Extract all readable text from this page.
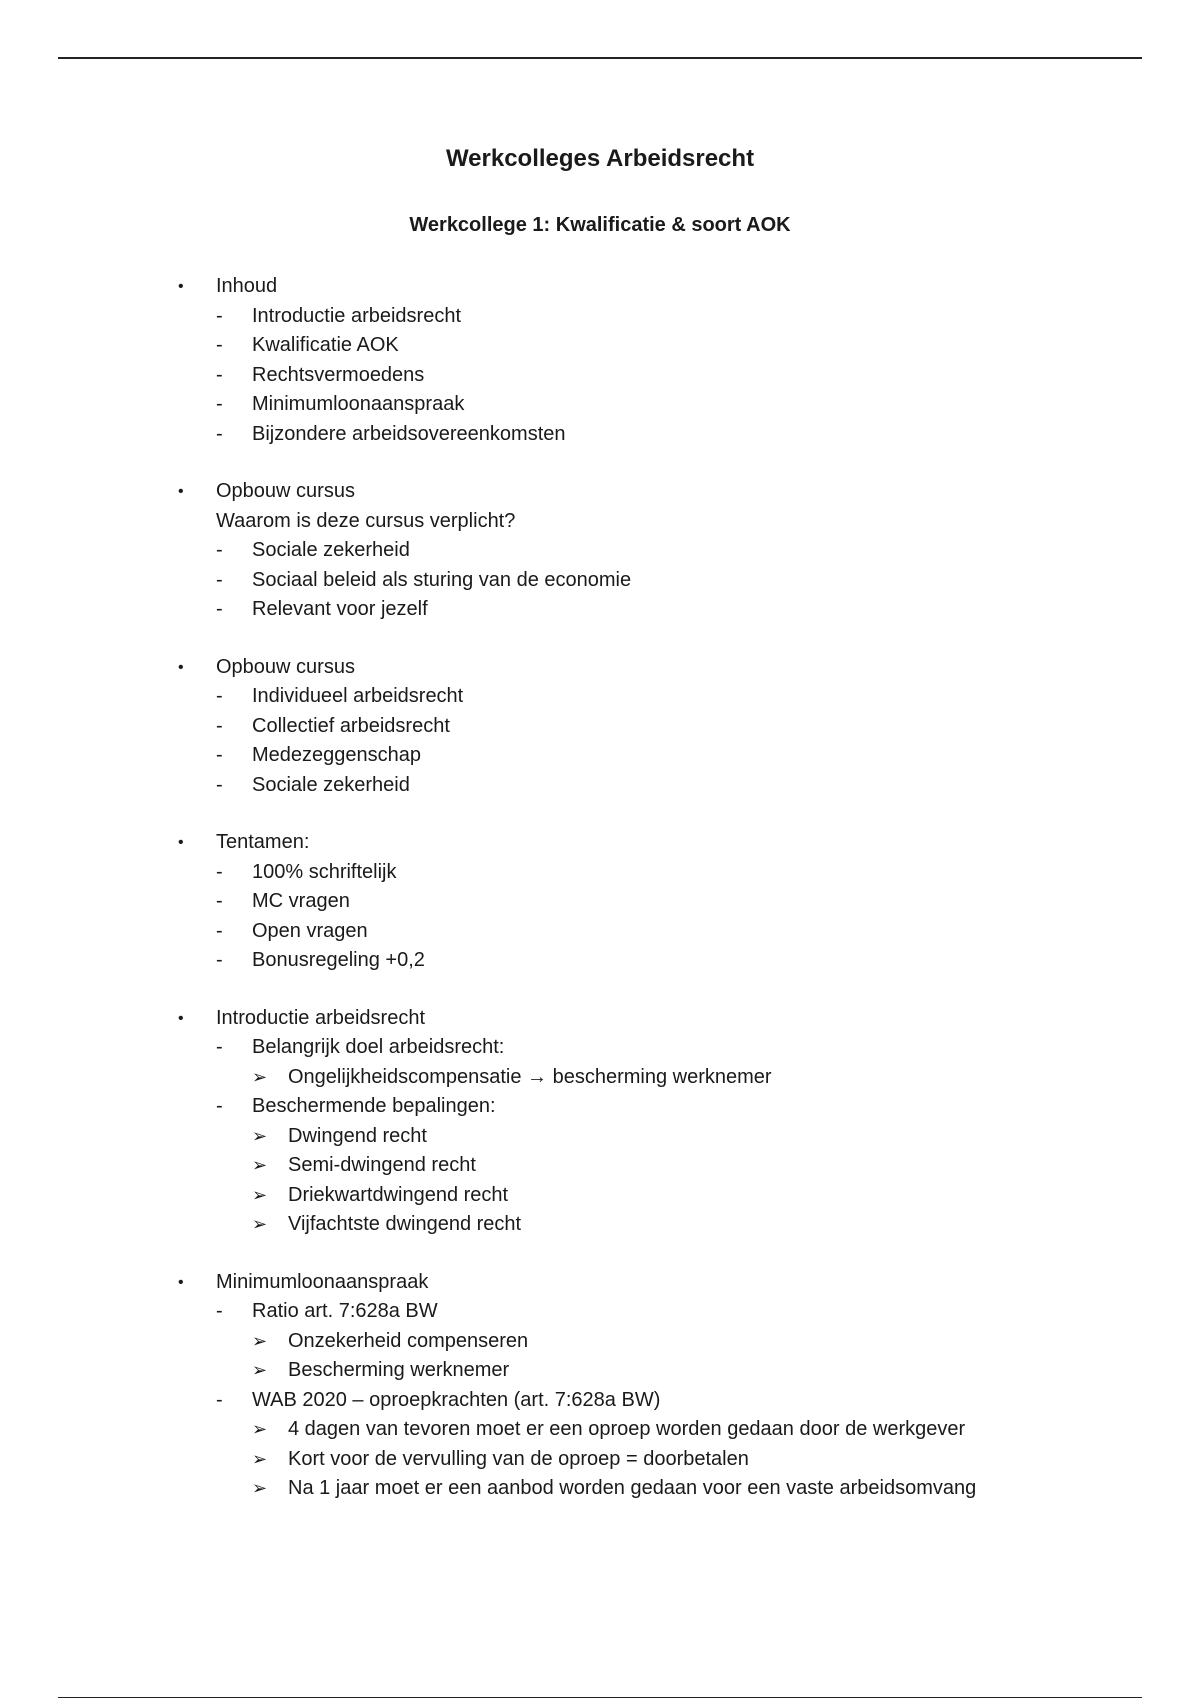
Werkcolleges Arbeidsrecht
Werkcollege 1: Kwalificatie & soort AOK
• Inhoud
- Introductie arbeidsrecht
- Kwalificatie AOK
- Rechtsvermoedens
- Minimumloonaanspraak
- Bijzondere arbeidsovereenkomsten
• Opbouw cursus
Waarom is deze cursus verplicht?
- Sociale zekerheid
- Sociaal beleid als sturing van de economie
- Relevant voor jezelf
• Opbouw cursus
- Individueel arbeidsrecht
- Collectief arbeidsrecht
- Medezeggenschap
- Sociale zekerheid
• Tentamen:
- 100% schriftelijk
- MC vragen
- Open vragen
- Bonusregeling +0,2
• Introductie arbeidsrecht
- Belangrijk doel arbeidsrecht:
➢ Ongelijkheidscompensatie → bescherming werknemer
- Beschermende bepalingen:
➢ Dwingend recht
➢ Semi-dwingend recht
➢ Driekwartdwingend recht
➢ Vijfachtste dwingend recht
• Minimumloonaanspraak
- Ratio art. 7:628a BW
➢ Onzekerheid compenseren
➢ Bescherming werknemer
- WAB 2020 – oproepkrachten (art. 7:628a BW)
➢ 4 dagen van tevoren moet er een oproep worden gedaan door de werkgever
➢ Kort voor de vervulling van de oproep = doorbetalen
➢ Na 1 jaar moet er een aanbod worden gedaan voor een vaste arbeidsomvang
